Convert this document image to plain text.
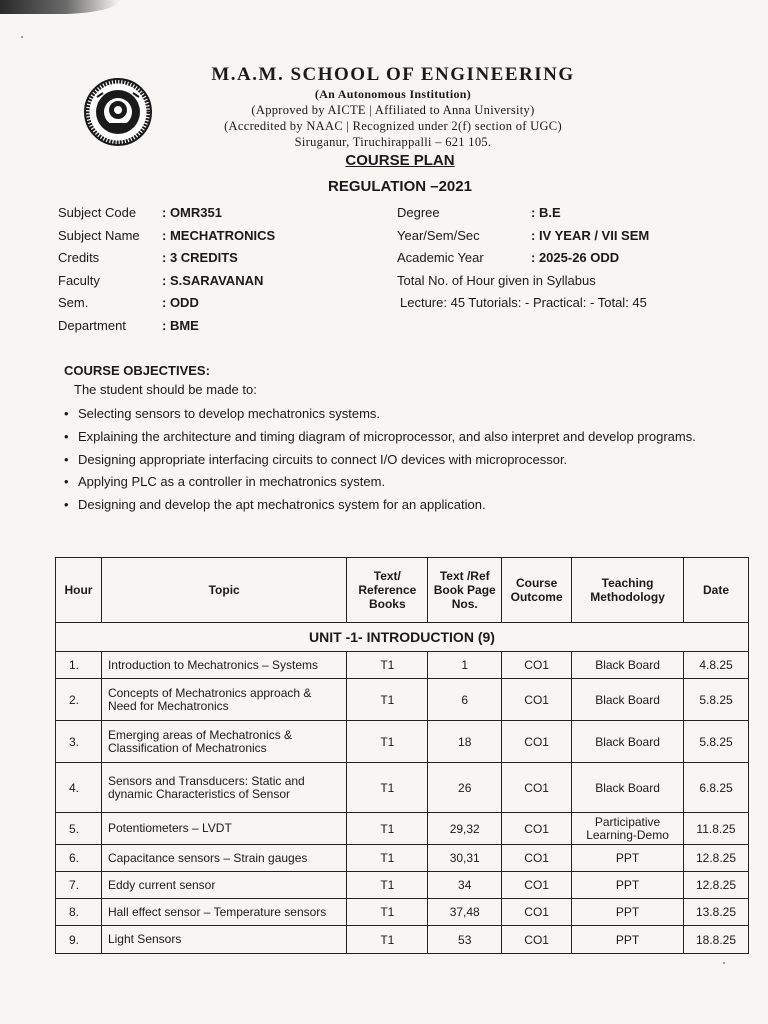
M.A.M. SCHOOL OF ENGINEERING

(An Autonomous Institution)

(Approved by AICTE | Affiliated to Anna University)

(Accredited by NAAC | Recognized under 2(f) section of UGC)

Siruganur, Tiruchirappalli – 621 105.

COURSE PLAN
REGULATION –2021
Subject Code	: OMR351
Subject Name	: MECHATRONICS
Credits	: 3 CREDITS
Faculty	: S.SARAVANAN
Sem.	: ODD
Department	: BME
Degree	: B.E
Year/Sem/Sec	: IV YEAR / VII SEM
Academic Year	: 2025-26 ODD
Total No. of Hour given in Syllabus
Lecture: 45 Tutorials: - Practical: - Total: 45

COURSE OBJECTIVES:

The student should be made to:

• Selecting sensors to develop mechatronics systems.
• Explaining the architecture and timing diagram of microprocessor, and also interpret and develop programs.
• Designing appropriate interfacing circuits to connect I/O devices with microprocessor.
• Applying PLC as a controller in mechatronics system.
• Designing and develop the apt mechatronics system for an application.
Hour	Topic	Text/ Reference Books	Text /Ref Book Page Nos.	Course Outcome	Teaching Methodology	Date
UNIT -1- INTRODUCTION (9)						
1.	Introduction to Mechatronics – Systems	T1	1	CO1	Black Board	4.8.25
2.	Concepts of Mechatronics approach & Need for Mechatronics	T1	6	CO1	Black Board	5.8.25
3.	Emerging areas of Mechatronics & Classification of Mechatronics	T1	18	CO1	Black Board	5.8.25
4.	Sensors and Transducers: Static and dynamic Characteristics of Sensor	T1	26	CO1	Black Board	6.8.25
5.	Potentiometers – LVDT	T1	29,32	CO1	Participative Learning-Demo	11.8.25
6.	Capacitance sensors – Strain gauges	T1	30,31	CO1	PPT	12.8.25
7.	Eddy current sensor	T1	34	CO1	PPT	12.8.25
8.	Hall effect sensor – Temperature sensors	T1	37,48	CO1	PPT	13.8.25
9.	Light Sensors	T1	53	CO1	PPT	18.8.25
